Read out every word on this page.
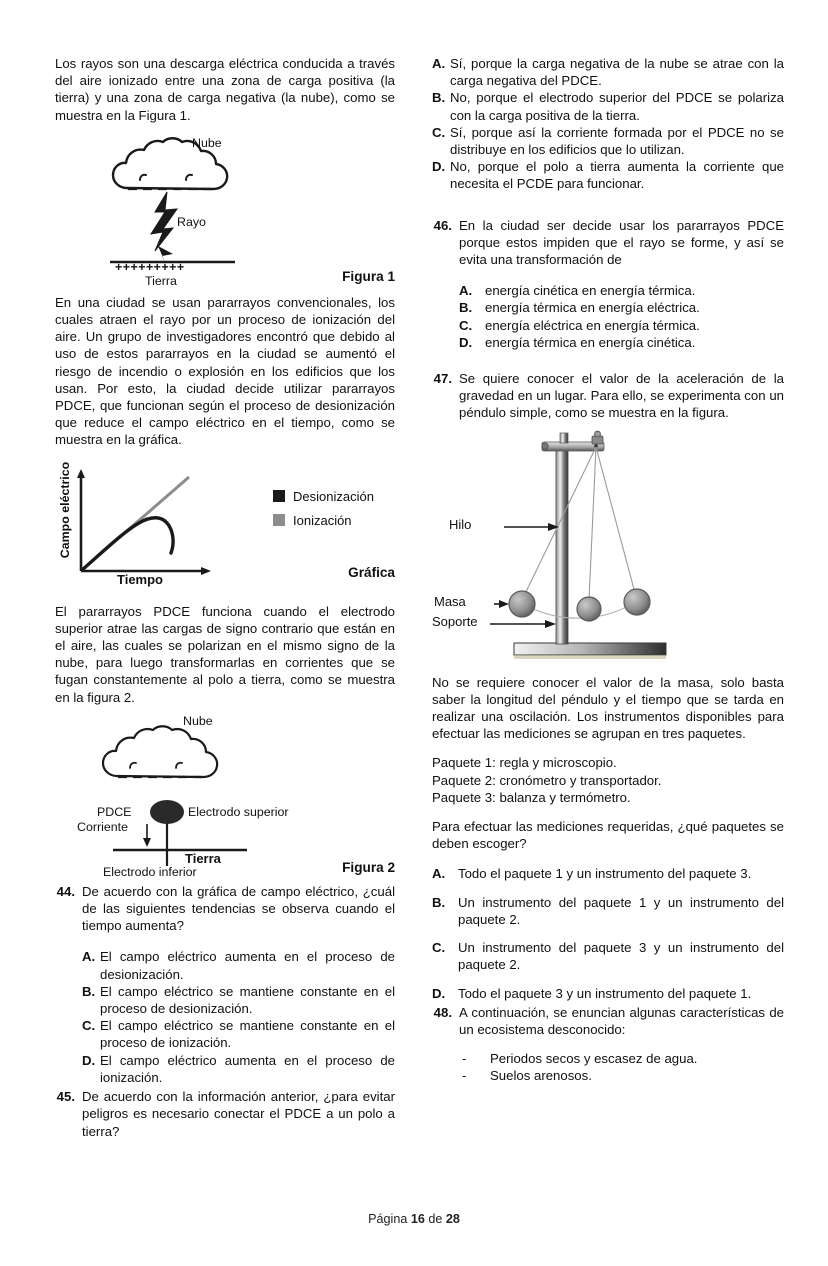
Los rayos son una descarga eléctrica conducida a través del aire ionizado entre una zona de carga positiva (la tierra) y una zona de carga negativa (la nube), como se muestra en la Figura 1.

Nube
Rayo
+++++++++
Tierra	Figura 1

En una ciudad se usan pararrayos convencionales, los cuales atraen el rayo por un proceso de ionización del aire. Un grupo de investigadores encontró que debido al uso de estos pararrayos en la ciudad se aumentó el riesgo de incendio o explosión en los edificios que los usan. Por esto, la ciudad decide utilizar pararrayos PDCE, que funcionan según el proceso de desionización que reduce el campo eléctrico en el tiempo, como se muestra en la gráfica.

Campo eléctrico
Tiempo
Desionización
Ionización
Gráfica

El pararrayos PDCE funciona cuando el electrodo superior atrae las cargas de signo contrario que están en el aire, las cuales se polarizan en el mismo signo de la nube, para luego transformarlas en corrientes que se fugan constantemente al polo a tierra, como se muestra en la figura 2.

Nube
PDCE	Electrodo superior
Corriente
Tierra
Electrodo inferior	Figura 2
44. De acuerdo con la gráfica de campo eléctrico, ¿cuál de las siguientes tendencias se observa cuando el tiempo aumenta?
A. El campo eléctrico aumenta en el proceso de desionización.
B. El campo eléctrico se mantiene constante en el proceso de desionización.
C. El campo eléctrico se mantiene constante en el proceso de ionización.
D. El campo eléctrico aumenta en el proceso de ionización.
45. De acuerdo con la información anterior, ¿para evitar peligros es necesario conectar el PDCE a un polo a tierra?
A. Sí, porque la carga negativa de la nube se atrae con la carga negativa del PDCE.
B. No, porque el electrodo superior del PDCE se polariza con la carga positiva de la tierra.
C. Sí, porque así la corriente formada por el PDCE no se distribuye en los edificios que lo utilizan.
D. No, porque el polo a tierra aumenta la corriente que necesita el PCDE para funcionar.
46. En la ciudad ser decide usar los pararrayos PDCE porque estos impiden que el rayo se forme, y así se evita una transformación de
A. energía cinética en energía térmica.
B. energía térmica en energía eléctrica.
C. energía eléctrica en energía térmica.
D. energía térmica en energía cinética.
47. Se quiere conocer el valor de la aceleración de la gravedad en un lugar. Para ello, se experimenta con un péndulo simple, como se muestra en la figura.
Hilo
Masa
Soporte

No se requiere conocer el valor de la masa, solo basta saber la longitud del péndulo y el tiempo que se tarda en realizar una oscilación. Los instrumentos disponibles para efectuar las mediciones se agrupan en tres paquetes.

Paquete 1: regla y microscopio.

Paquete 2: cronómetro y transportador.

Paquete 3: balanza y termómetro.

Para efectuar las mediciones requeridas, ¿qué paquetes se deben escoger?

A. Todo el paquete 1 y un instrumento del paquete 3.
B. Un instrumento del paquete 1 y un instrumento del paquete 2.
C. Un instrumento del paquete 3 y un instrumento del paquete 2.
D. Todo el paquete 3 y un instrumento del paquete 1.
48. A continuación, se enuncian algunas características de un ecosistema desconocido:
-	Periodos secos y escasez de agua.
-	Suelos arenosos.
Página 16 de 28
